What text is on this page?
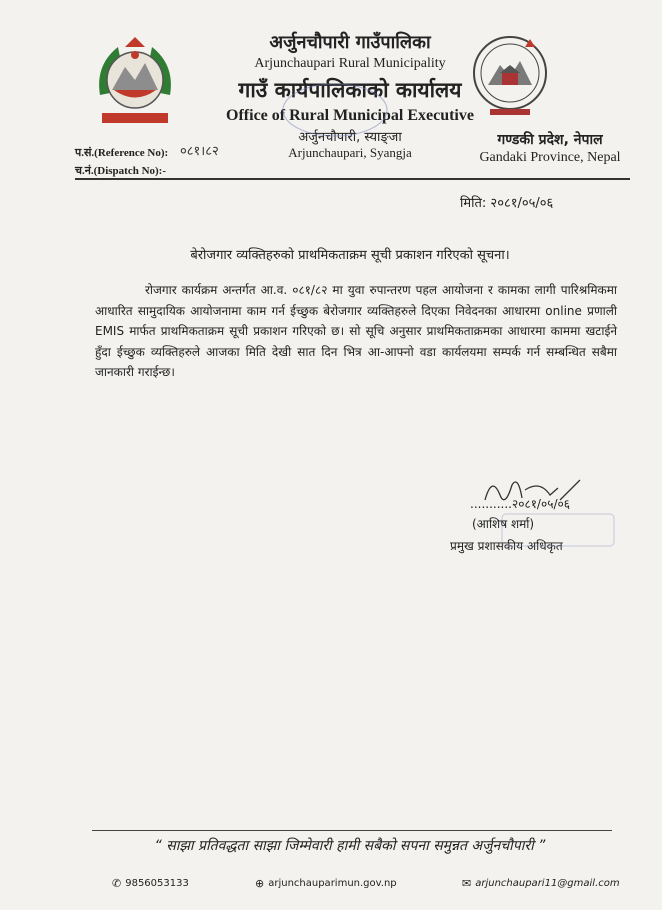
अर्जुनचौपारी गाउँपालिका
Arjunchaupari Rural Municipality
गाउँ कार्यपालिकाको कार्यालय
Office of Rural Municipal Executive
अर्जुनचौपारी, स्याङ्जा
Arjunchaupari, Syangja
गण्डकी प्रदेश, नेपाल
Gandaki Province, Nepal
प.सं.(Reference No): ०८१।८२
च.नं.(Dispatch No):-
मिति: २०८१/०५/०६
बेरोजगार व्यक्तिहरुको प्राथमिकताक्रम सूची प्रकाशन गरिएको सूचना।
रोजगार कार्यक्रम अन्तर्गत आ.व. ०८१/८२ मा युवा रुपान्तरण पहल आयोजना र कामका लागी पारिश्रमिकमा आधारित सामुदायिक आयोजनामा काम गर्न ईच्छुक बेरोजगार व्यक्तिहरुले दिएका निवेदनका आधारमा online प्रणाली EMIS मार्फत प्राथमिकताक्रम सूची प्रकाशन गरिएको छ। सो सूचि अनुसार प्राथमिकताक्रमका आधारमा काममा खटाईने हुँदा ईच्छुक व्यक्तिहरुले आजका मिति देखी सात दिन भित्र आ-आफ्नो वडा कार्यलयमा सम्पर्क गर्न सम्बन्धित सबैमा जानकारी गराईन्छ।
...........२०८१/०५/०६
(आशिष शर्मा)
प्रमुख प्रशासकीय अधिकृत
“ साझा प्रतिवद्धता साझा जिम्मेवारी हामी सबैको सपना समुन्नत अर्जुनचौपारी ”
✆ 9856053133	⊕ arjunchauparimun.gov.np	✉ arjunchaupari11@gmail.com
